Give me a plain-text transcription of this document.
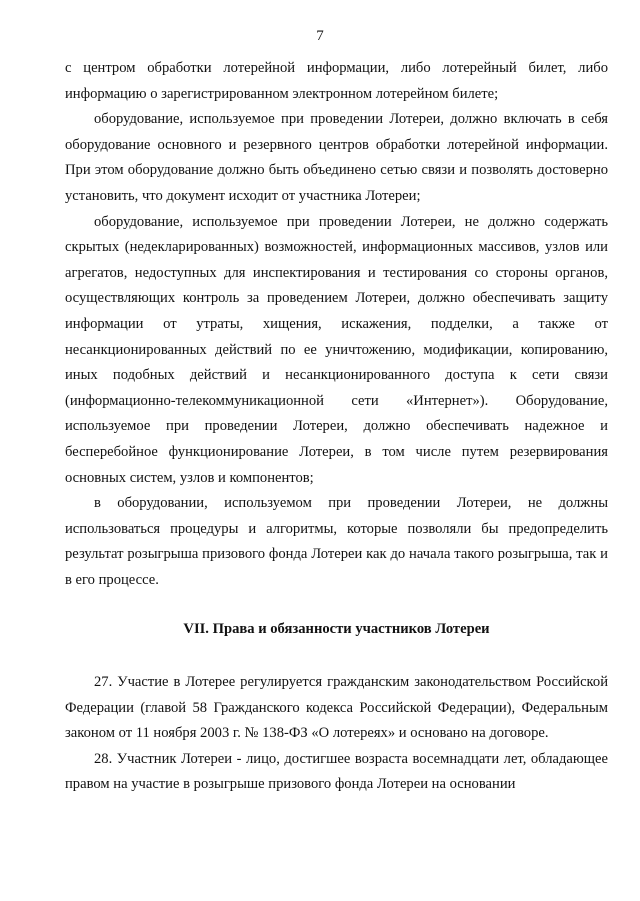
7

с центром обработки лотерейной информации, либо лотерейный билет, либо информацию о зарегистрированном электронном лотерейном билете;

оборудование, используемое при проведении Лотереи, должно включать в себя оборудование основного и резервного центров обработки лотерейной информации. При этом оборудование должно быть объединено сетью связи и позволять достоверно установить, что документ исходит от участника Лотереи;

оборудование, используемое при проведении Лотереи, не должно содержать скрытых (недекларированных) возможностей, информационных массивов, узлов или агрегатов, недоступных для инспектирования и тестирования со стороны органов, осуществляющих контроль за проведением Лотереи, должно обеспечивать защиту информации от утраты, хищения, искажения, подделки, а также от несанкционированных действий по ее уничтожению, модификации, копированию, иных подобных действий и несанкционированного доступа к сети связи (информационно-телекоммуникационной сети «Интернет»). Оборудование, используемое при проведении Лотереи, должно обеспечивать надежное и бесперебойное функционирование Лотереи, в том числе путем резервирования основных систем, узлов и компонентов;

в оборудовании, используемом при проведении Лотереи, не должны использоваться процедуры и алгоритмы, которые позволяли бы предопределить результат розыгрыша призового фонда Лотереи как до начала такого розыгрыша, так и в его процессе.

VII. Права и обязанности участников Лотереи

27. Участие в Лотерее регулируется гражданским законодательством Российской Федерации (главой 58 Гражданского кодекса Российской Федерации), Федеральным законом от 11 ноября 2003 г. № 138-ФЗ «О лотереях» и основано на договоре.

28. Участник Лотереи - лицо, достигшее возраста восемнадцати лет, обладающее правом на участие в розыгрыше призового фонда Лотереи на основании
